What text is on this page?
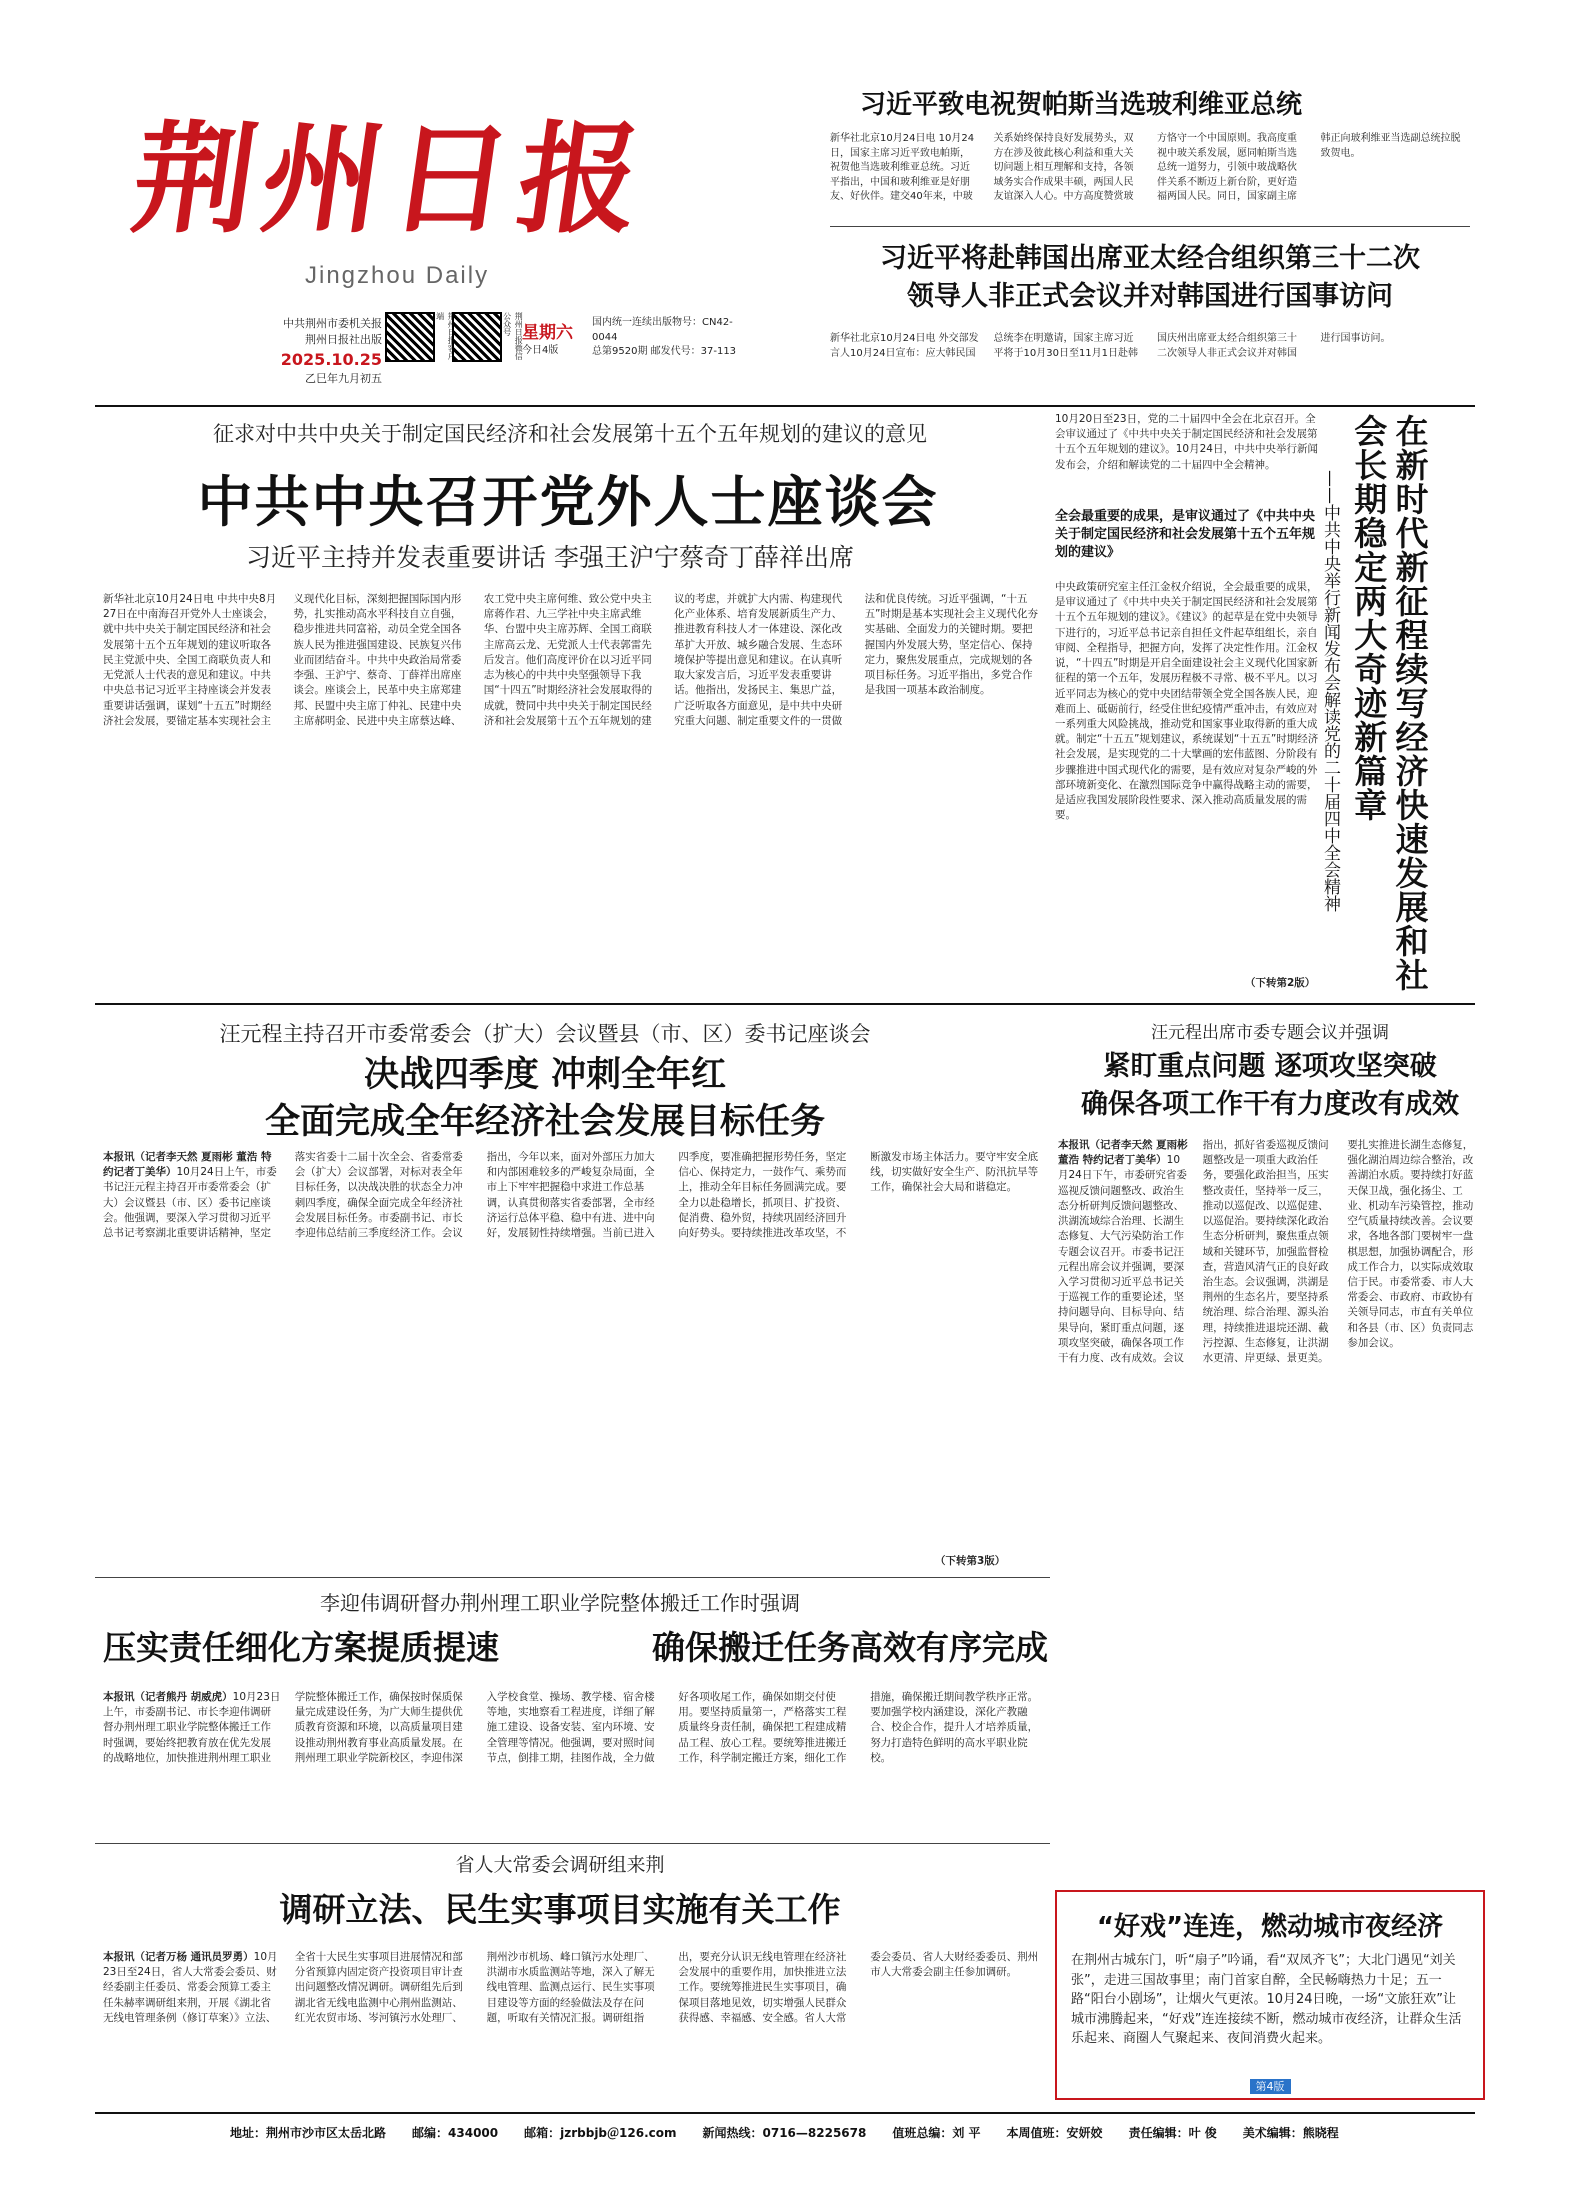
荆州日报
Jingzhou Daily
中共荆州市委机关报
荆州日报社出版
2025.10.25
乙巳年九月初五
端	荆州日报微信公众号 星期六
今日4版
国内统一连续出版物号：CN42-0044
总第9520期 邮发代号：37-113
习近平致电祝贺帕斯当选玻利维亚总统
新华社北京10月24日电 10月24日，国家主席习近平致电帕斯，祝贺他当选玻利维亚总统。习近平指出，中国和玻利维亚是好朋友、好伙伴。建交40年来，中玻关系始终保持良好发展势头，双方在涉及彼此核心利益和重大关切问题上相互理解和支持，各领域务实合作成果丰硕，两国人民友谊深入人心。中方高度赞赏玻方恪守一个中国原则。我高度重视中玻关系发展，愿同帕斯当选总统一道努力，引领中玻战略伙伴关系不断迈上新台阶，更好造福两国人民。同日，国家副主席韩正向玻利维亚当选副总统拉脱致贺电。
习近平将赴韩国出席亚太经合组织第三十二次
领导人非正式会议并对韩国进行国事访问
新华社北京10月24日电 外交部发言人10月24日宣布：应大韩民国总统李在明邀请，国家主席习近平将于10月30日至11月1日赴韩国庆州出席亚太经合组织第三十二次领导人非正式会议并对韩国进行国事访问。
征求对中共中央关于制定国民经济和社会发展第十五个五年规划的建议的意见
中共中央召开党外人士座谈会
习近平主持并发表重要讲话 李强王沪宁蔡奇丁薛祥出席
新华社北京10月24日电 中共中央8月27日在中南海召开党外人士座谈会，就中共中央关于制定国民经济和社会发展第十五个五年规划的建议听取各民主党派中央、全国工商联负责人和无党派人士代表的意见和建议。中共中央总书记习近平主持座谈会并发表重要讲话强调，谋划“十五五”时期经济社会发展，要锚定基本实现社会主义现代化目标，深刻把握国际国内形势，扎实推动高水平科技自立自强，稳步推进共同富裕，动员全党全国各族人民为推进强国建设、民族复兴伟业而团结奋斗。中共中央政治局常委李强、王沪宁、蔡奇、丁薛祥出席座谈会。座谈会上，民革中央主席郑建邦、民盟中央主席丁仲礼、民建中央主席郝明金、民进中央主席蔡达峰、农工党中央主席何维、致公党中央主席蒋作君、九三学社中央主席武维华、台盟中央主席苏辉、全国工商联主席高云龙、无党派人士代表郭雷先后发言。他们高度评价在以习近平同志为核心的中共中央坚强领导下我国“十四五”时期经济社会发展取得的成就，赞同中共中央关于制定国民经济和社会发展第十五个五年规划的建议的考虑，并就扩大内需、构建现代化产业体系、培育发展新质生产力、推进教育科技人才一体建设、深化改革扩大开放、城乡融合发展、生态环境保护等提出意见和建议。在认真听取大家发言后，习近平发表重要讲话。他指出，发扬民主、集思广益，广泛听取各方面意见，是中共中央研究重大问题、制定重要文件的一贯做法和优良传统。习近平强调，“十五五”时期是基本实现社会主义现代化夯实基础、全面发力的关键时期。要把握国内外发展大势，坚定信心、保持定力，聚焦发展重点，完成规划的各项目标任务。习近平指出，多党合作是我国一项基本政治制度。
10月20日至23日，党的二十届四中全会在北京召开。全会审议通过了《中共中央关于制定国民经济和社会发展第十五个五年规划的建议》。10月24日，中共中央举行新闻发布会，介绍和解读党的二十届四中全会精神。
全会最重要的成果，是审议通过了《中共中央关于制定国民经济和社会发展第十五个五年规划的建议》
中央政策研究室主任江金权介绍说，全会最重要的成果，是审议通过了《中共中央关于制定国民经济和社会发展第十五个五年规划的建议》。《建议》的起草是在党中央领导下进行的，习近平总书记亲自担任文件起草组组长，亲自审阅、全程指导，把握方向，发挥了决定性作用。江金权说，“十四五”时期是开启全面建设社会主义现代化国家新征程的第一个五年，发展历程极不寻常、极不平凡。以习近平同志为核心的党中央团结带领全党全国各族人民，迎难而上、砥砺前行，经受住世纪疫情严重冲击，有效应对一系列重大风险挑战，推动党和国家事业取得新的重大成就。制定“十五五”规划建议，系统谋划“十五五”时期经济社会发展，是实现党的二十大擘画的宏伟蓝图、分阶段有步骤推进中国式现代化的需要，是有效应对复杂严峻的外部环境新变化、在激烈国际竞争中赢得战略主动的需要，是适应我国发展阶段性要求、深入推动高质量发展的需要。
（下转第2版）	在新时代新征程续写经济快速发展和社会长期稳定两大奇迹新篇章
——中共中央举行新闻发布会解读党的二十届四中全会精神
汪元程主持召开市委常委会（扩大）会议暨县（市、区）委书记座谈会
决战四季度 冲刺全年红
全面完成全年经济社会发展目标任务
本报讯（记者李天然 夏雨彬 董浩 特约记者丁美华）10月24日上午，市委书记汪元程主持召开市委常委会（扩大）会议暨县（市、区）委书记座谈会。他强调，要深入学习贯彻习近平总书记考察湖北重要讲话精神，坚定落实省委十二届十次全会、省委常委会（扩大）会议部署，对标对表全年目标任务，以决战决胜的状态全力冲刺四季度，确保全面完成全年经济社会发展目标任务。市委副书记、市长李迎伟总结前三季度经济工作。会议指出，今年以来，面对外部压力加大和内部困难较多的严峻复杂局面，全市上下牢牢把握稳中求进工作总基调，认真贯彻落实省委部署，全市经济运行总体平稳、稳中有进、进中向好，发展韧性持续增强。当前已进入四季度，要准确把握形势任务，坚定信心、保持定力，一鼓作气、乘势而上，推动全年目标任务圆满完成。要全力以赴稳增长，抓项目、扩投资、促消费、稳外贸，持续巩固经济回升向好势头。要持续推进改革攻坚，不断激发市场主体活力。要守牢安全底线，切实做好安全生产、防汛抗旱等工作，确保社会大局和谐稳定。
（下转第3版）
汪元程出席市委专题会议并强调
紧盯重点问题 逐项攻坚突破
确保各项工作干有力度改有成效
本报讯（记者李天然 夏雨彬 董浩 特约记者丁美华）10月24日下午，市委研究省委巡视反馈问题整改、政治生态分析研判反馈问题整改、洪湖流域综合治理、长湖生态修复、大气污染防治工作专题会议召开。市委书记汪元程出席会议并强调，要深入学习贯彻习近平总书记关于巡视工作的重要论述，坚持问题导向、目标导向、结果导向，紧盯重点问题，逐项攻坚突破，确保各项工作干有力度、改有成效。会议指出，抓好省委巡视反馈问题整改是一项重大政治任务，要强化政治担当，压实整改责任，坚持举一反三，推动以巡促改、以巡促建、以巡促治。要持续深化政治生态分析研判，聚焦重点领域和关键环节，加强监督检查，营造风清气正的良好政治生态。会议强调，洪湖是荆州的生态名片，要坚持系统治理、综合治理、源头治理，持续推进退垸还湖、截污控源、生态修复，让洪湖水更清、岸更绿、景更美。要扎实推进长湖生态修复，强化湖泊周边综合整治，改善湖泊水质。要持续打好蓝天保卫战，强化扬尘、工业、机动车污染管控，推动空气质量持续改善。会议要求，各地各部门要树牢一盘棋思想，加强协调配合，形成工作合力，以实际成效取信于民。市委常委、市人大常委会、市政府、市政协有关领导同志，市直有关单位和各县（市、区）负责同志参加会议。
李迎伟调研督办荆州理工职业学院整体搬迁工作时强调
压实责任细化方案提质提速	确保搬迁任务高效有序完成
本报讯（记者熊丹 胡威虎）10月23日上午，市委副书记、市长李迎伟调研督办荆州理工职业学院整体搬迁工作时强调，要始终把教育放在优先发展的战略地位，加快推进荆州理工职业学院整体搬迁工作，确保按时保质保量完成建设任务，为广大师生提供优质教育资源和环境，以高质量项目建设推动荆州教育事业高质量发展。在荆州理工职业学院新校区，李迎伟深入学校食堂、操场、教学楼、宿舍楼等地，实地察看工程进度，详细了解施工建设、设备安装、室内环境、安全管理等情况。他强调，要对照时间节点，倒排工期，挂图作战，全力做好各项收尾工作，确保如期交付使用。要坚持质量第一，严格落实工程质量终身责任制，确保把工程建成精品工程、放心工程。要统筹推进搬迁工作，科学制定搬迁方案，细化工作措施，确保搬迁期间教学秩序正常。要加强学校内涵建设，深化产教融合、校企合作，提升人才培养质量，努力打造特色鲜明的高水平职业院校。
省人大常委会调研组来荆
调研立法、民生实事项目实施有关工作
本报讯（记者万杨 通讯员罗勇）10月23日至24日，省人大常委会委员、财经委副主任委员、常委会预算工委主任朱赫率调研组来荆，开展《湖北省无线电管理条例（修订草案）》立法、全省十大民生实事项目进展情况和部分省预算内固定资产投资项目审计查出问题整改情况调研。调研组先后到湖北省无线电监测中心荆州监测站、红光农贸市场、岑河镇污水处理厂、荆州沙市机场、峰口镇污水处理厂、洪湖市水质监测站等地，深入了解无线电管理、监测点运行、民生实事项目建设等方面的经验做法及存在问题，听取有关情况汇报。调研组指出，要充分认识无线电管理在经济社会发展中的重要作用，加快推进立法工作。要统筹推进民生实事项目，确保项目落地见效，切实增强人民群众获得感、幸福感、安全感。省人大常委会委员、省人大财经委委员、荆州市人大常委会副主任参加调研。
“好戏”连连，燃动城市夜经济
在荆州古城东门，听“扇子”吟诵，看“双凤齐飞”；大北门遇见“刘关张”，走进三国故事里；南门首家自醉，全民畅嗨热力十足；五一路“阳台小剧场”，让烟火气更浓。10月24日晚，一场“文旅狂欢”让城市沸腾起来，“好戏”连连接续不断，燃动城市夜经济，让群众生活乐起来、商圈人气聚起来、夜间消费火起来。
第4版
地址：荆州市沙市区太岳北路 邮编：434000 邮箱：jzrbbjb＠126.com 新闻热线：0716—8225678 值班总编：刘 平 本周值班：安妍姣 责任编辑：叶 俊 美术编辑：熊晓程
